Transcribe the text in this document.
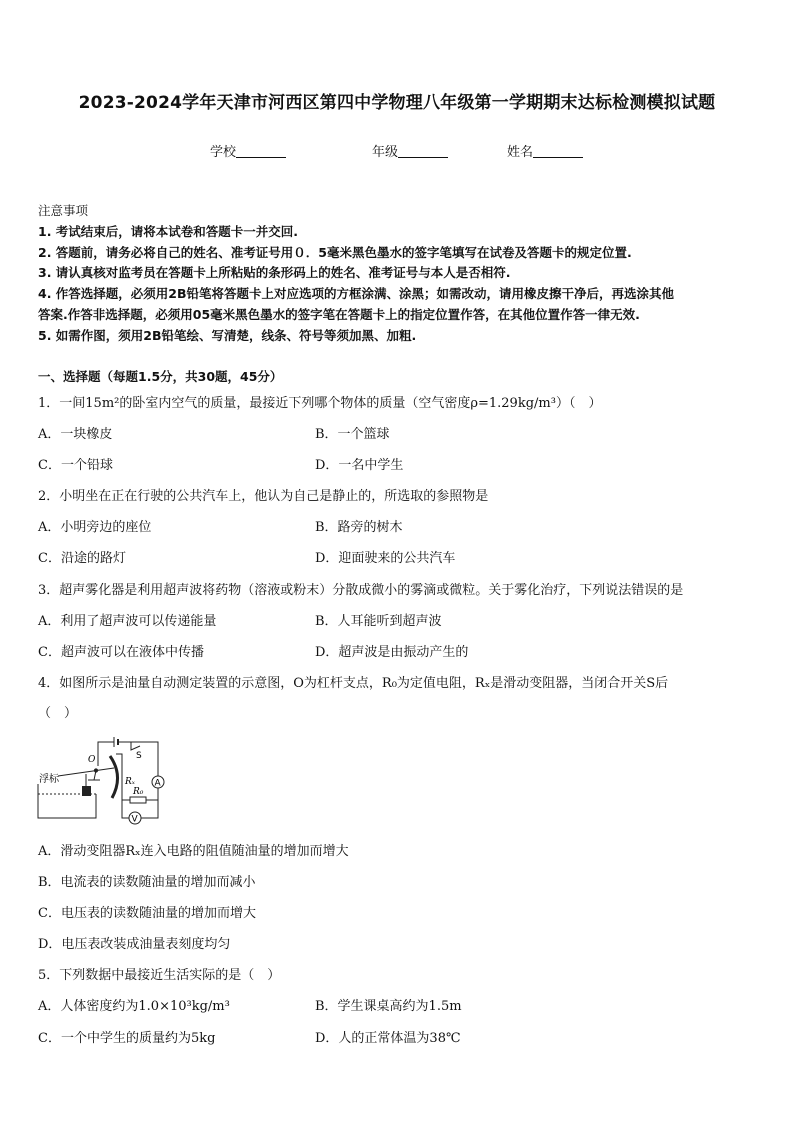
2023-2024学年天津市河西区第四中学物理八年级第一学期期末达标检测模拟试题
学校	年级	姓名
注意事项
1. 考试结束后，请将本试卷和答题卡一并交回.
2. 答题前，请务必将自己的姓名、准考证号用０．5毫米黑色墨水的签字笔填写在试卷及答题卡的规定位置.
3. 请认真核对监考员在答题卡上所粘贴的条形码上的姓名、准考证号与本人是否相符.
4. 作答选择题，必须用2B铅笔将答题卡上对应选项的方框涂满、涂黑；如需改动，请用橡皮擦干净后，再选涂其他
答案.作答非选择题，必须用05毫米黑色墨水的签字笔在答题卡上的指定位置作答，在其他位置作答一律无效.
5. 如需作图，须用2B铅笔绘、写清楚，线条、符号等须加黑、加粗.
一、选择题（每题1.5分，共30题，45分）
1．一间15m²的卧室内空气的质量，最接近下列哪个物体的质量（空气密度ρ=1.29kg/m³）（　）
A．一块橡皮	B．一个篮球
C．一个铅球	D．一名中学生
2．小明坐在正在行驶的公共汽车上，他认为自己是静止的，所选取的参照物是
A．小明旁边的座位	B．路旁的树木
C．沿途的路灯	D．迎面驶来的公共汽车
3．超声雾化器是利用超声波将药物（溶液或粉末）分散成微小的雾滴或微粒。关于雾化治疗，下列说法错误的是
A．利用了超声波可以传递能量	B．人耳能听到超声波
C．超声波可以在液体中传播	D．超声波是由振动产生的
4．如图所示是油量自动测定装置的示意图，O为杠杆支点，R₀为定值电阻，Rₓ是滑动变阻器，当闭合开关S后
（　）
浮标
O	S
Rₓ
R₀
A
V
A．滑动变阻器Rₓ连入电路的阻值随油量的增加而增大
B．电流表的读数随油量的增加而减小
C．电压表的读数随油量的增加而增大
D．电压表改装成油量表刻度均匀
5．下列数据中最接近生活实际的是（　）
A．人体密度约为1.0×10³kg/m³	B．学生课桌高约为1.5m
C．一个中学生的质量约为5kg	D．人的正常体温为38℃
